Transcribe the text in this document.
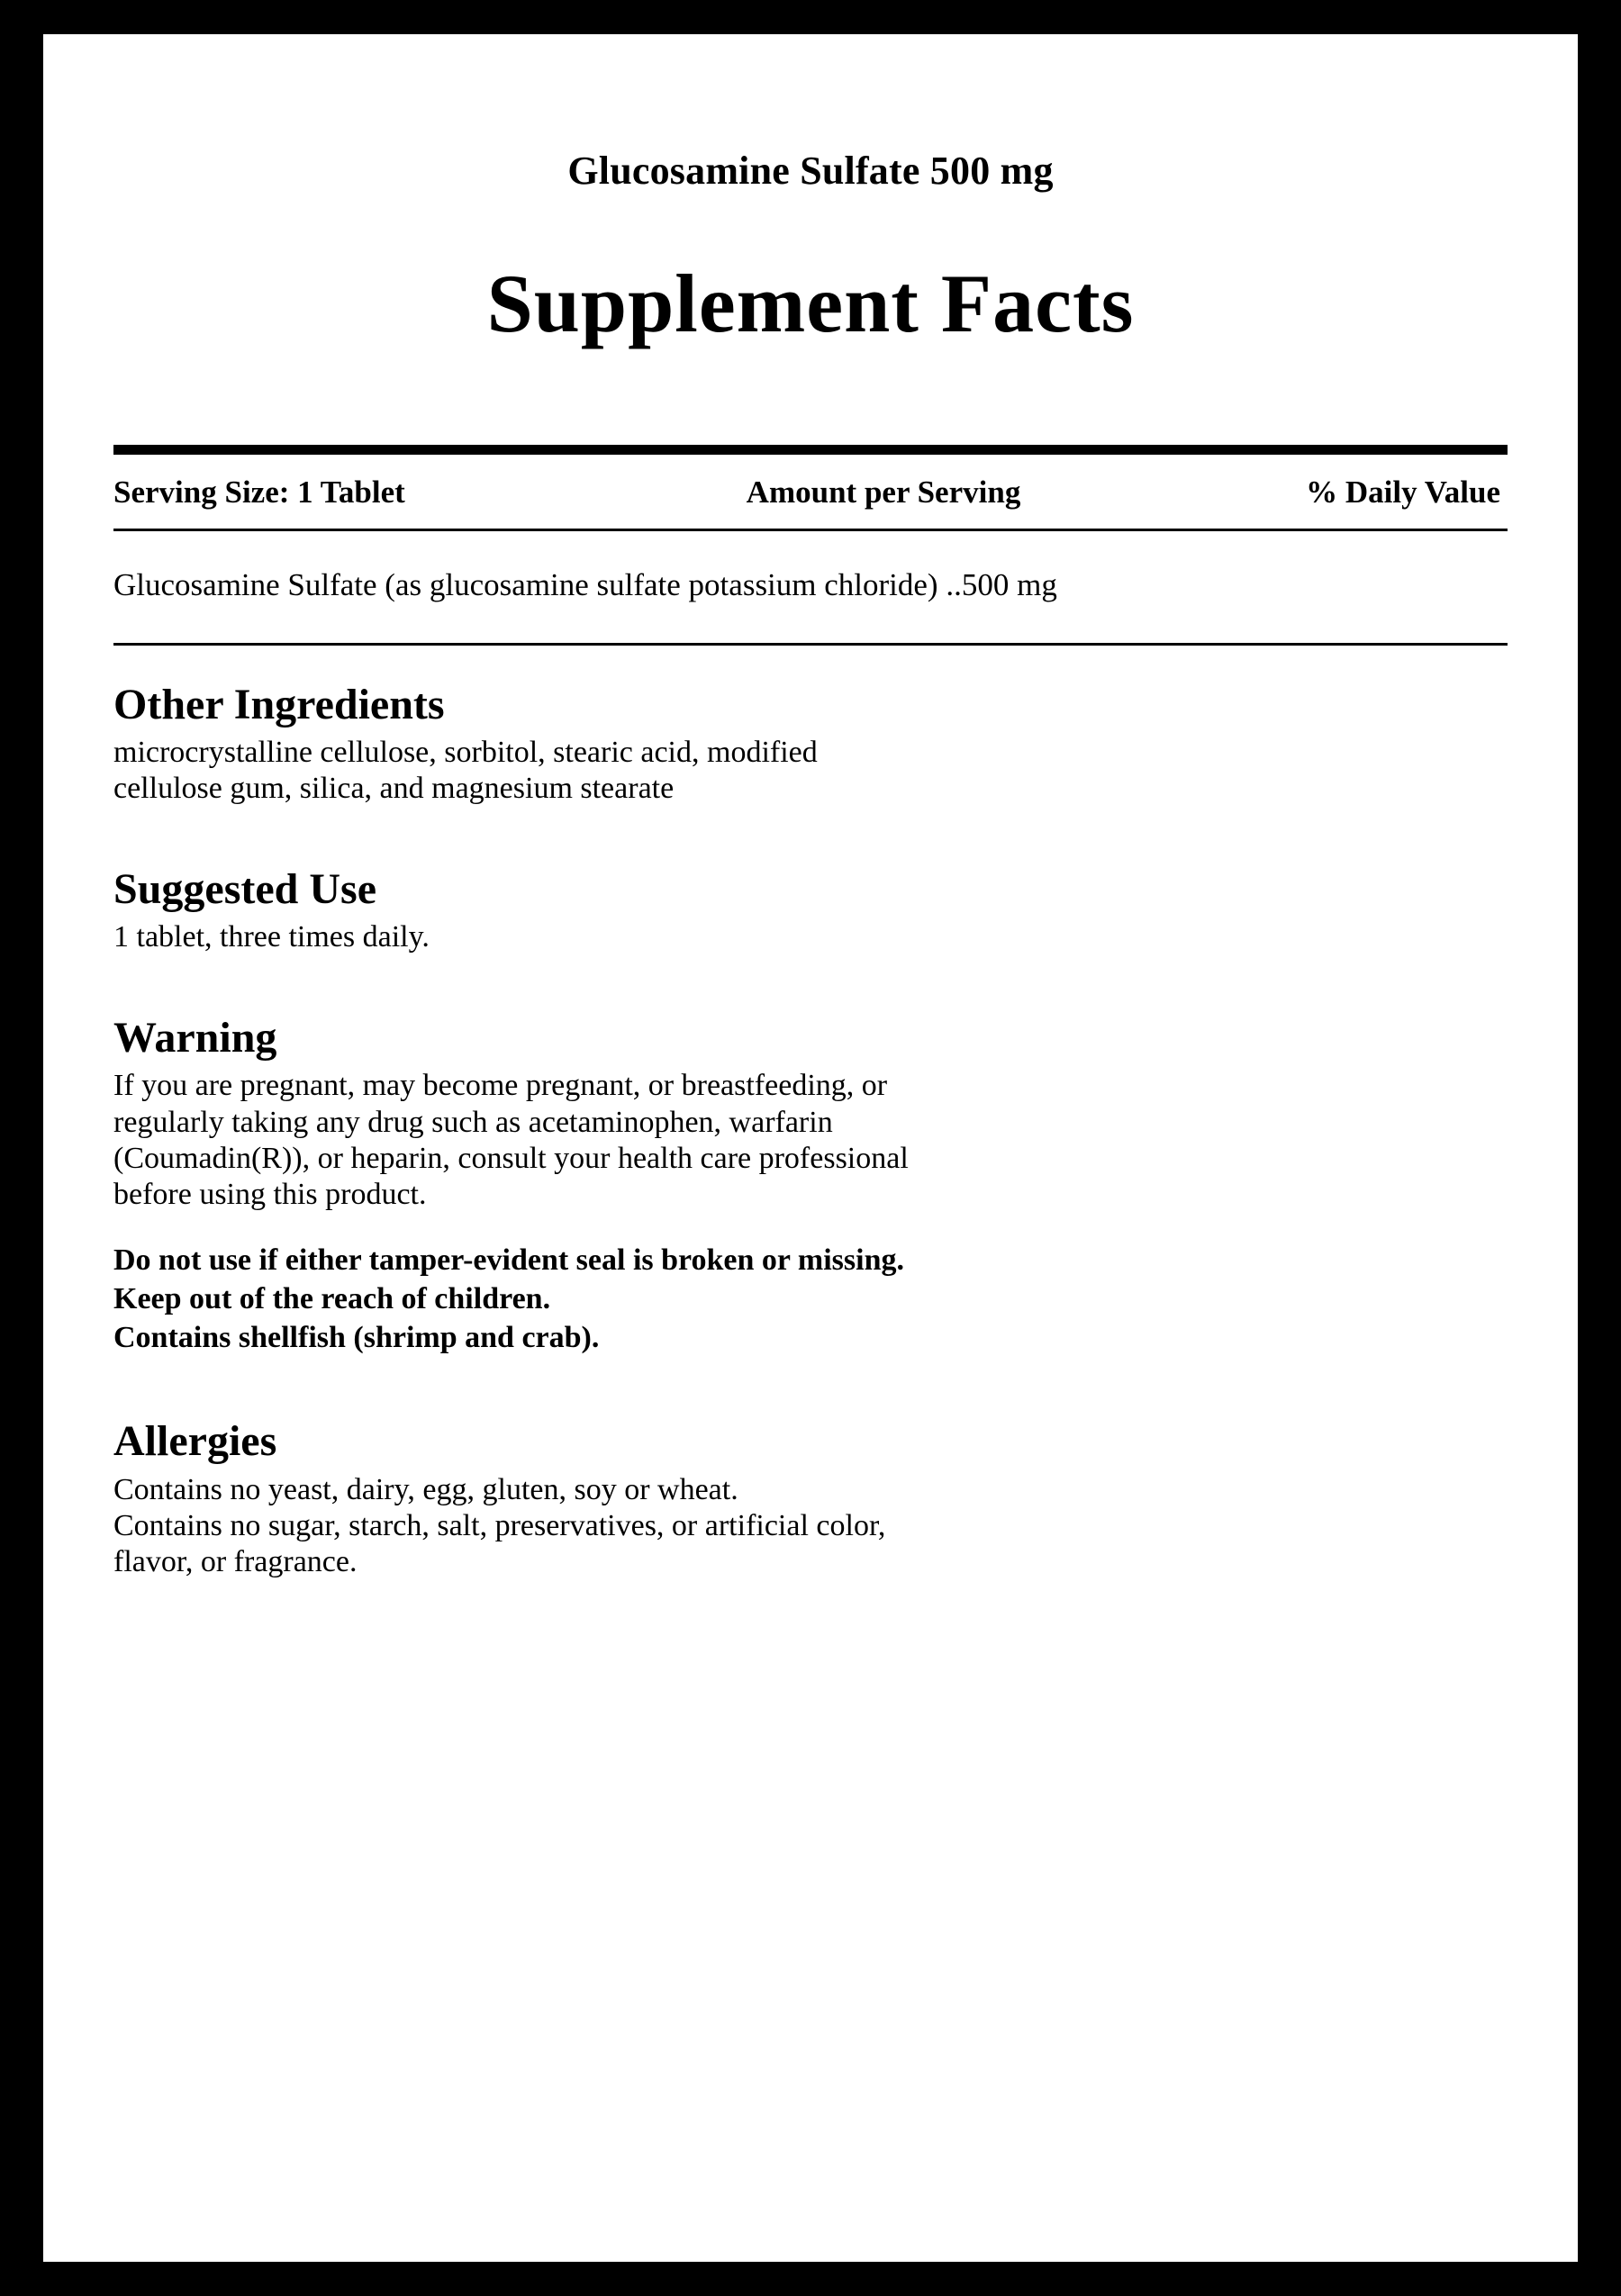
Glucosamine Sulfate 500 mg
Supplement Facts
Serving Size: 1 Tablet	Amount per Serving	% Daily Value
Glucosamine Sulfate (as glucosamine sulfate potassium chloride) ..500 mg
Other Ingredients
microcrystalline cellulose, sorbitol, stearic acid, modified
cellulose gum, silica, and magnesium stearate
Suggested Use
1 tablet, three times daily.
Warning
If you are pregnant, may become pregnant, or breastfeeding, or
regularly taking any drug such as acetaminophen, warfarin
(Coumadin(R)), or heparin, consult your health care professional
before using this product.
Do not use if either tamper-evident seal is broken or missing.
Keep out of the reach of children.
Contains shellfish (shrimp and crab).
Allergies
Contains no yeast, dairy, egg, gluten, soy or wheat.
Contains no sugar, starch, salt, preservatives, or artificial color,
flavor, or fragrance.
